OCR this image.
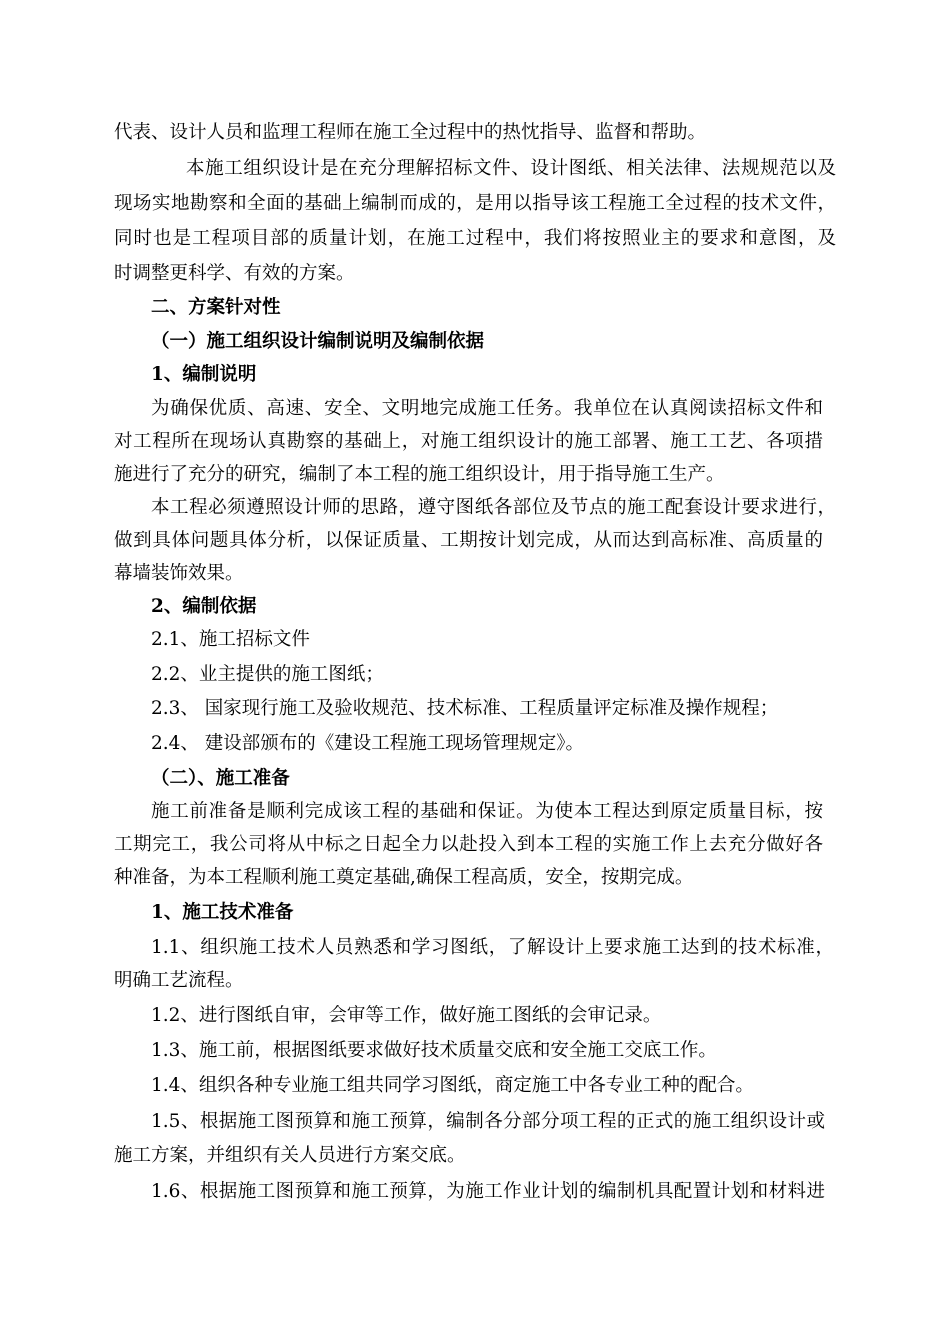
代表、设计人员和监理工程师在施工全过程中的热忱指导、监督和帮助。
本施工组织设计是在充分理解招标文件、设计图纸、相关法律、法规规范以及
现场实地勘察和全面的基础上编制而成的，是用以指导该工程施工全过程的技术文件，
同时也是工程项目部的质量计划，在施工过程中，我们将按照业主的要求和意图，及
时调整更科学、有效的方案。
二、方案针对性
（一）施工组织设计编制说明及编制依据
1、编制说明
为确保优质、高速、安全、文明地完成施工任务。我单位在认真阅读招标文件和
对工程所在现场认真勘察的基础上，对施工组织设计的施工部署、施工工艺、各项措
施进行了充分的研究，编制了本工程的施工组织设计，用于指导施工生产。
本工程必须遵照设计师的思路，遵守图纸各部位及节点的施工配套设计要求进行，
做到具体问题具体分析，以保证质量、工期按计划完成，从而达到高标准、高质量的
幕墙装饰效果。
2、编制依据
2.1、施工招标文件
2.2、业主提供的施工图纸；
2.3、 国家现行施工及验收规范、技术标准、工程质量评定标准及操作规程；
2.4、 建设部颁布的《建设工程施工现场管理规定》。
（二）、施工准备
施工前准备是顺利完成该工程的基础和保证。为使本工程达到原定质量目标，按
工期完工，我公司将从中标之日起全力以赴投入到本工程的实施工作上去充分做好各
种准备，为本工程顺利施工奠定基础,确保工程高质，安全，按期完成。
1、施工技术准备
1.1、组织施工技术人员熟悉和学习图纸，了解设计上要求施工达到的技术标准，
明确工艺流程。
1.2、进行图纸自审，会审等工作，做好施工图纸的会审记录。
1.3、施工前，根据图纸要求做好技术质量交底和安全施工交底工作。
1.4、组织各种专业施工组共同学习图纸，商定施工中各专业工种的配合。
1.5、根据施工图预算和施工预算，编制各分部分项工程的正式的施工组织设计或
施工方案，并组织有关人员进行方案交底。
1.6、根据施工图预算和施工预算，为施工作业计划的编制机具配置计划和材料进
